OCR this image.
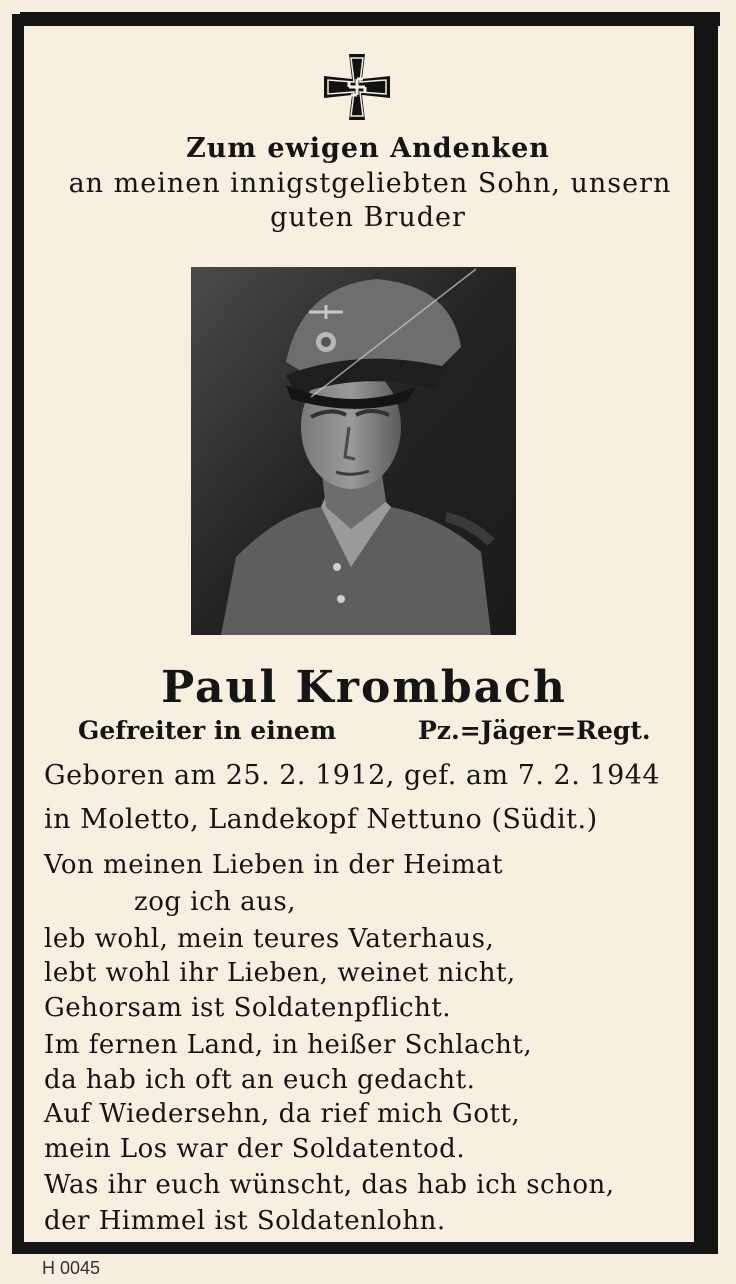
Zum ewigen Andenken
an meinen innigstgeliebten Sohn, unsern
guten Bruder
Paul Krombach
Gefreiter in einem	Pz.=Jäger=Regt.
Geboren am 25. 2. 1912, gef. am 7. 2. 1944
in Moletto, Landekopf Nettuno (Südit.)
Von meinen Lieben in der Heimat
zog ich aus,
leb wohl, mein teures Vaterhaus,
lebt wohl ihr Lieben, weinet nicht,
Gehorsam ist Soldatenpflicht.
Im fernen Land, in heißer Schlacht,
da hab ich oft an euch gedacht.
Auf Wiedersehn, da rief mich Gott,
mein Los war der Soldatentod.
Was ihr euch wünscht, das hab ich schon,
der Himmel ist Soldatenlohn.
H 0045
